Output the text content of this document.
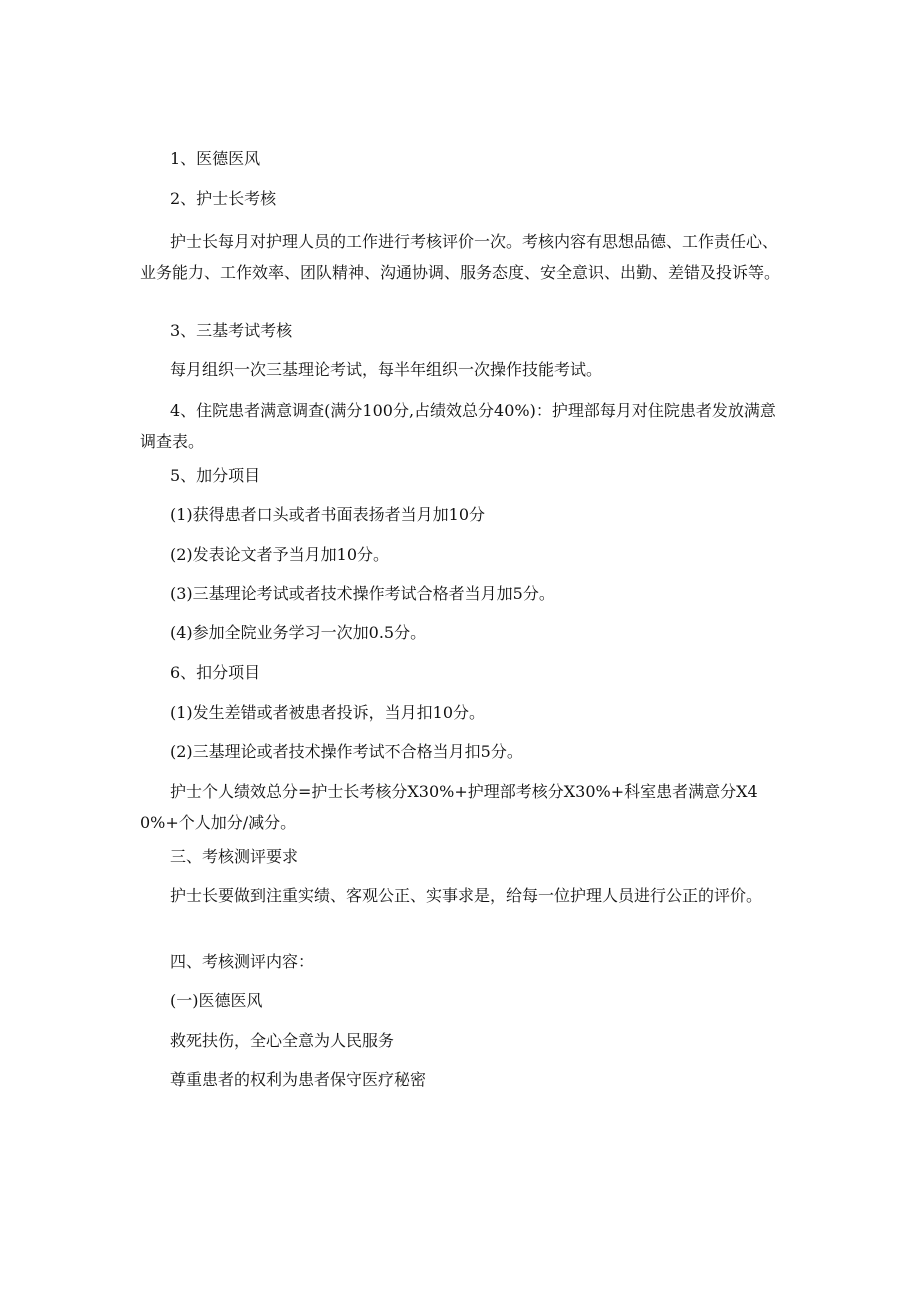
1、医德医风

2、护士长考核

护士长每月对护理人员的工作进行考核评价一次。考核内容有思想品德、工作责任心、业务能力、工作效率、团队精神、沟通协调、服务态度、安全意识、出勤、差错及投诉等。

3、三基考试考核

每月组织一次三基理论考试，每半年组织一次操作技能考试。

4、住院患者满意调查(满分100分,占绩效总分40%)：护理部每月对住院患者发放满意调查表。

5、加分项目

(1)获得患者口头或者书面表扬者当月加10分

(2)发表论文者予当月加10分。

(3)三基理论考试或者技术操作考试合格者当月加5分。

(4)参加全院业务学习一次加0.5分。

6、扣分项目

(1)发生差错或者被患者投诉，当月扣10分。

(2)三基理论或者技术操作考试不合格当月扣5分。

护士个人绩效总分=护士长考核分X30%+护理部考核分X30%+科室患者满意分X40%+个人加分/减分。

三、考核测评要求

护士长要做到注重实绩、客观公正、实事求是，给每一位护理人员进行公正的评价。

四、考核测评内容：

(一)医德医风

救死扶伤，全心全意为人民服务

尊重患者的权利为患者保守医疗秘密
